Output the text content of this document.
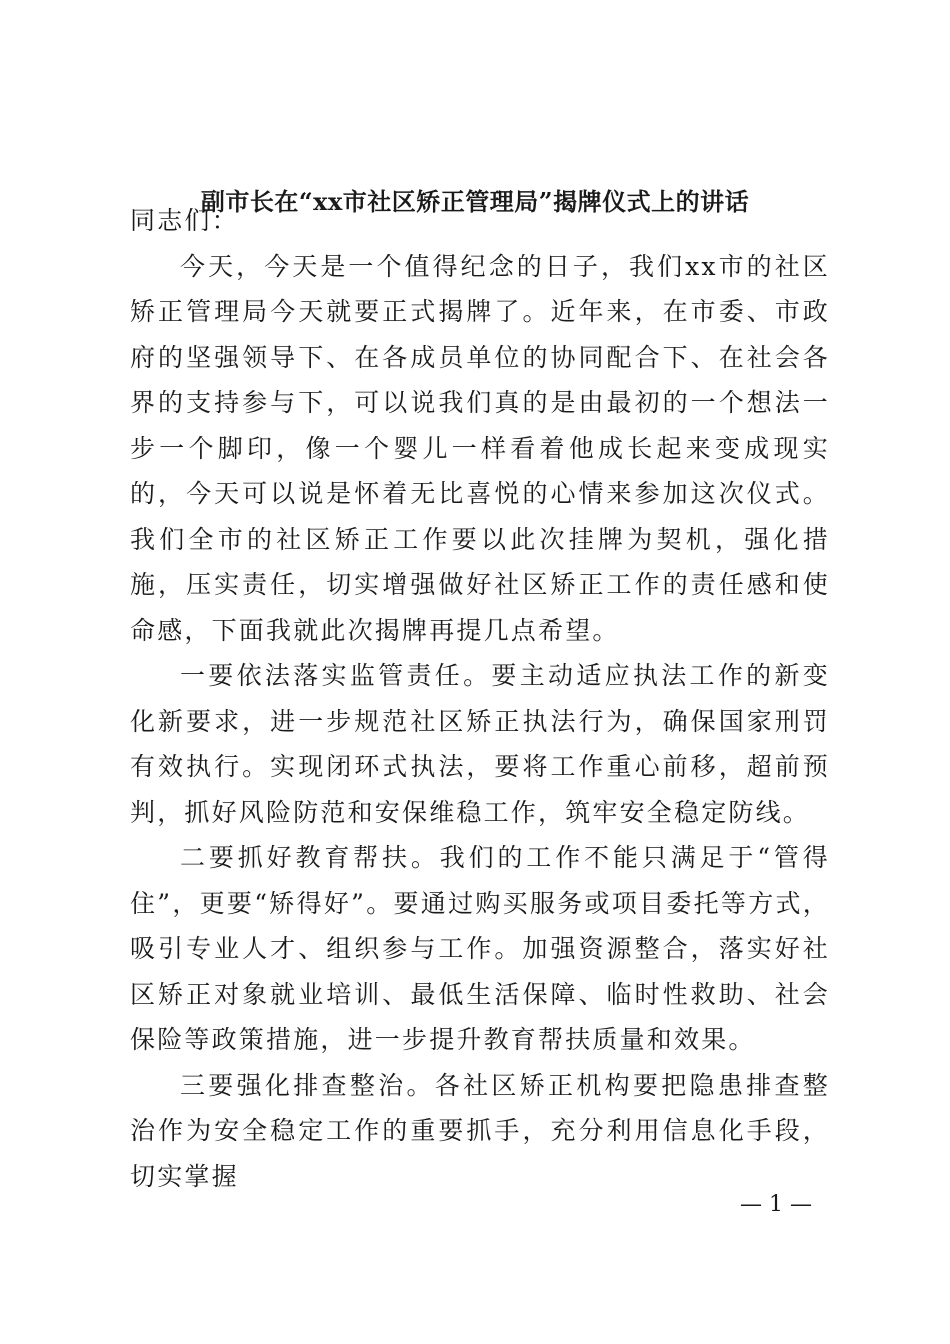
副市长在“xx市社区矫正管理局”揭牌仪式上的讲话

同志们：

今天，今天是一个值得纪念的日子，我们xx市的社区矫正管理局今天就要正式揭牌了。近年来，在市委、市政府的坚强领导下、在各成员单位的协同配合下、在社会各界的支持参与下，可以说我们真的是由最初的一个想法一步一个脚印，像一个婴儿一样看着他成长起来变成现实的，今天可以说是怀着无比喜悦的心情来参加这次仪式。我们全市的社区矫正工作要以此次挂牌为契机，强化措施，压实责任，切实增强做好社区矫正工作的责任感和使命感，下面我就此次揭牌再提几点希望。

一要依法落实监管责任。要主动适应执法工作的新变化新要求，进一步规范社区矫正执法行为，确保国家刑罚有效执行。实现闭环式执法，要将工作重心前移，超前预判，抓好风险防范和安保维稳工作，筑牢安全稳定防线。

二要抓好教育帮扶。我们的工作不能只满足于“管得住”，更要“矫得好”。要通过购买服务或项目委托等方式，吸引专业人才、组织参与工作。加强资源整合，落实好社区矫正对象就业培训、最低生活保障、临时性救助、社会保险等政策措施，进一步提升教育帮扶质量和效果。

三要强化排查整治。各社区矫正机构要把隐患排查整治作为安全稳定工作的重要抓手，充分利用信息化手段，切实掌握

— 1 —
